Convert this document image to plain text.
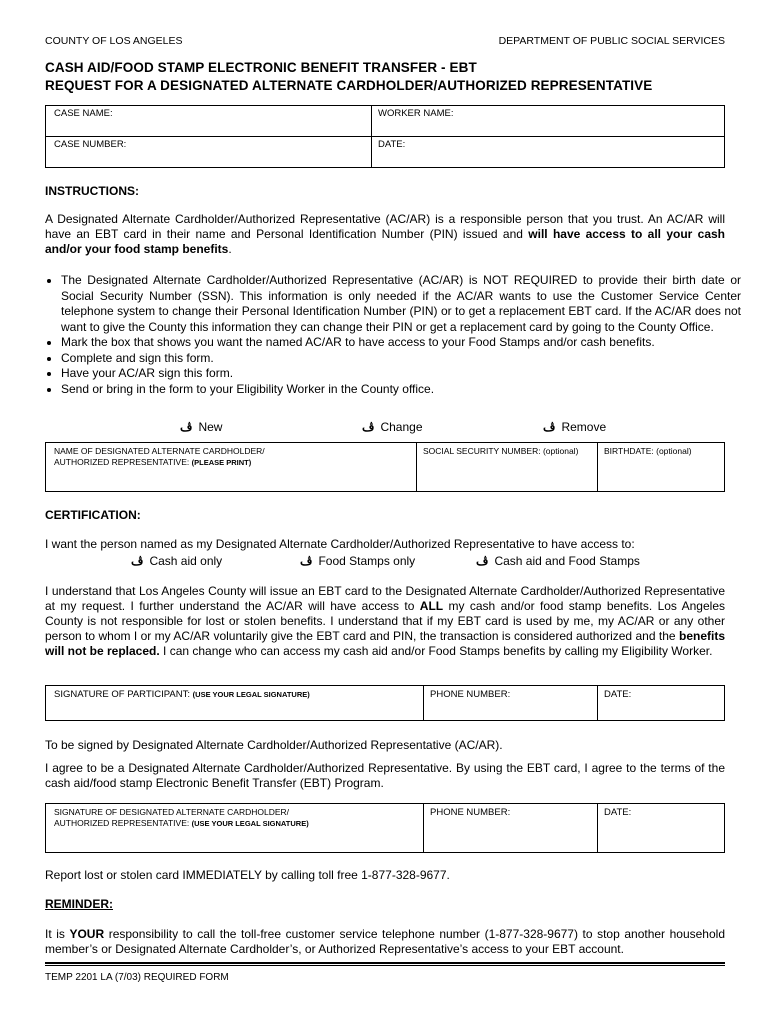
COUNTY OF LOS ANGELES	DEPARTMENT OF PUBLIC SOCIAL SERVICES
CASH AID/FOOD STAMP ELECTRONIC BENEFIT TRANSFER - EBT
REQUEST FOR A DESIGNATED ALTERNATE CARDHOLDER/AUTHORIZED REPRESENTATIVE
CASE NAME:	WORKER NAME:
CASE NUMBER:	DATE:
INSTRUCTIONS:
A Designated Alternate Cardholder/Authorized Representative (AC/AR) is a responsible person that you trust. An AC/AR will have an EBT card in their name and Personal Identification Number (PIN) issued and will have access to all your cash and/or your food stamp benefits.
• The Designated Alternate Cardholder/Authorized Representative (AC/AR) is NOT REQUIRED to provide their birth date or Social Security Number (SSN). This information is only needed if the AC/AR wants to use the Customer Service Center telephone system to change their Personal Identification Number (PIN) or to get a replacement EBT card. If the AC/AR does not want to give the County this information they can change their PIN or get a replacement card by going to the County Office.
• Mark the box that shows you want the named AC/AR to have access to your Food Stamps and/or cash benefits.
• Complete and sign this form.
• Have your AC/AR sign this form.
• Send or bring in the form to your Eligibility Worker in the County office.
ڤ New	ڤ Change	ڤ Remove
NAME OF DESIGNATED ALTERNATE CARDHOLDER/
AUTHORIZED REPRESENTATIVE: (PLEASE PRINT)
SOCIAL SECURITY NUMBER: (optional)	BIRTHDATE: (optional)
CERTIFICATION:
I want the person named as my Designated Alternate Cardholder/Authorized Representative to have access to:
ڤ Cash aid only	ڤ Food Stamps only	ڤ Cash aid and Food Stamps
I understand that Los Angeles County will issue an EBT card to the Designated Alternate Cardholder/Authorized Representative at my request. I further understand the AC/AR will have access to ALL my cash and/or food stamp benefits. Los Angeles County is not responsible for lost or stolen benefits. I understand that if my EBT card is used by me, my AC/AR or any other person to whom I or my AC/AR voluntarily give the EBT card and PIN, the transaction is considered authorized and the benefits will not be replaced. I can change who can access my cash aid and/or Food Stamps benefits by calling my Eligibility Worker.
SIGNATURE OF PARTICIPANT: (USE YOUR LEGAL SIGNATURE)	PHONE NUMBER:	DATE:
To be signed by Designated Alternate Cardholder/Authorized Representative (AC/AR).
I agree to be a Designated Alternate Cardholder/Authorized Representative. By using the EBT card, I agree to the terms of the cash aid/food stamp Electronic Benefit Transfer (EBT) Program.
SIGNATURE OF DESIGNATED ALTERNATE CARDHOLDER/
AUTHORIZED REPRESENTATIVE: (USE YOUR LEGAL SIGNATURE)
PHONE NUMBER:	DATE:
Report lost or stolen card IMMEDIATELY by calling toll free 1-877-328-9677.
REMINDER:
It is YOUR responsibility to call the toll-free customer service telephone number (1-877-328-9677) to stop another household member’s or Designated Alternate Cardholder’s, or Authorized Representative’s access to your EBT account.
TEMP 2201 LA (7/03) REQUIRED FORM
